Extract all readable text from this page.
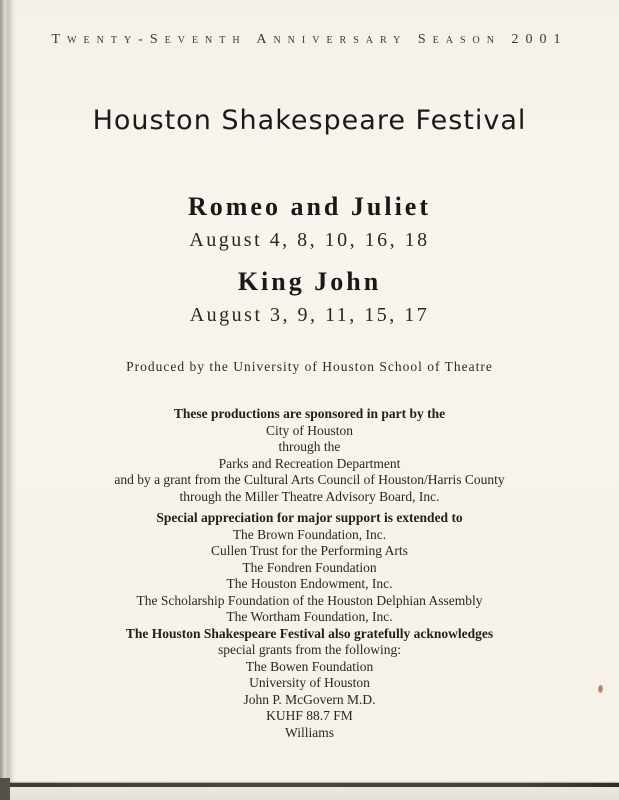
Twenty-Seventh Anniversary Season 2001
Houston Shakespeare Festival
Romeo and Juliet
August 4, 8, 10, 16, 18
King John
August 3, 9, 11, 15, 17
Produced by the University of Houston School of Theatre
These productions are sponsored in part by the
City of Houston
through the
Parks and Recreation Department
and by a grant from the Cultural Arts Council of Houston/Harris County
through the Miller Theatre Advisory Board, Inc.
Special appreciation for major support is extended to
The Brown Foundation, Inc.
Cullen Trust for the Performing Arts
The Fondren Foundation
The Houston Endowment, Inc.
The Scholarship Foundation of the Houston Delphian Assembly
The Wortham Foundation, Inc.
The Houston Shakespeare Festival also gratefully acknowledges
special grants from the following:
The Bowen Foundation
University of Houston
John P. McGovern M.D.
KUHF 88.7 FM
Williams
